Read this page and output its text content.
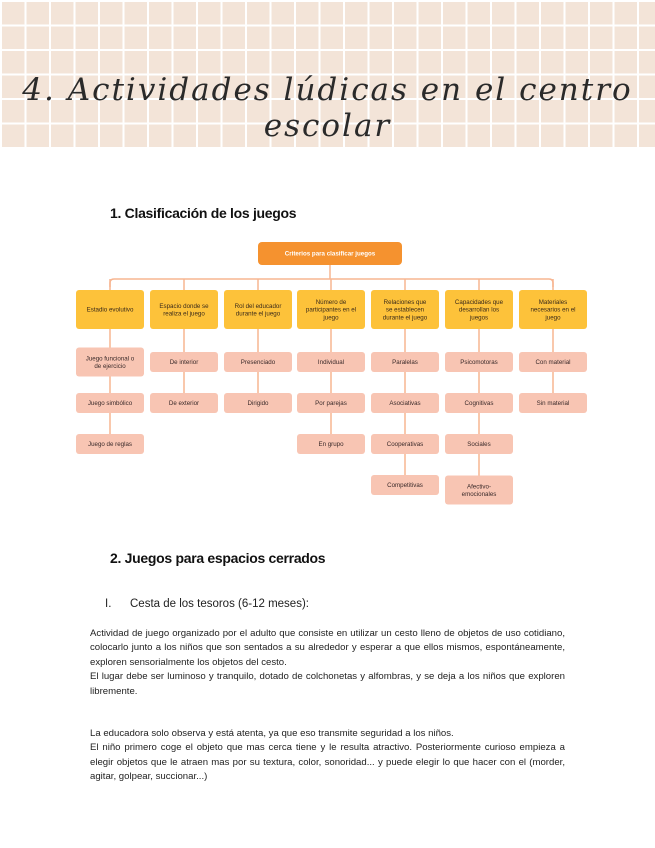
4. Actividades lúdicas en el centro escolar
1. Clasificación de los juegos
Criterios para clasificar juegos
Estadio evolutivo
Juego funcional o de ejercicio
Juego simbólico
Juego de reglas
Espacio donde se realiza el juego
De interior
De exterior
Rol del educador durante el juego
Presenciado
Dirigido
Número de participantes en el juego
Individual
Por parejas
En grupo
Relaciones que se establecen durante el juego
Paralelas
Asociativas
Cooperativas
Competitivas
Capacidades que desarrollan los juegos
Psicomotoras
Cognitivas
Sociales
Afectivo-emocionales
Materiales necesarios en el juego
Con material
Sin material
2. Juegos para espacios cerrados
I. Cesta de los tesoros (6-12 meses):
Actividad de juego organizado por el adulto que consiste en utilizar un cesto lleno de objetos de uso cotidiano, colocarlo junto a los niños que son sentados a su alrededor y esperar a que ellos mismos, espontáneamente, exploren sensorialmente los objetos del cesto.
El lugar debe ser luminoso y tranquilo, dotado de colchonetas y alfombras, y se deja a los niños que exploren libremente.
La educadora solo observa y está atenta, ya que eso transmite seguridad a los niños.
El niño primero coge el objeto que mas cerca tiene y le resulta atractivo. Posteriormente curioso empieza a elegir objetos que le atraen mas por su textura, color, sonoridad... y puede elegir lo que hacer con el (morder, agitar, golpear, succionar...)
